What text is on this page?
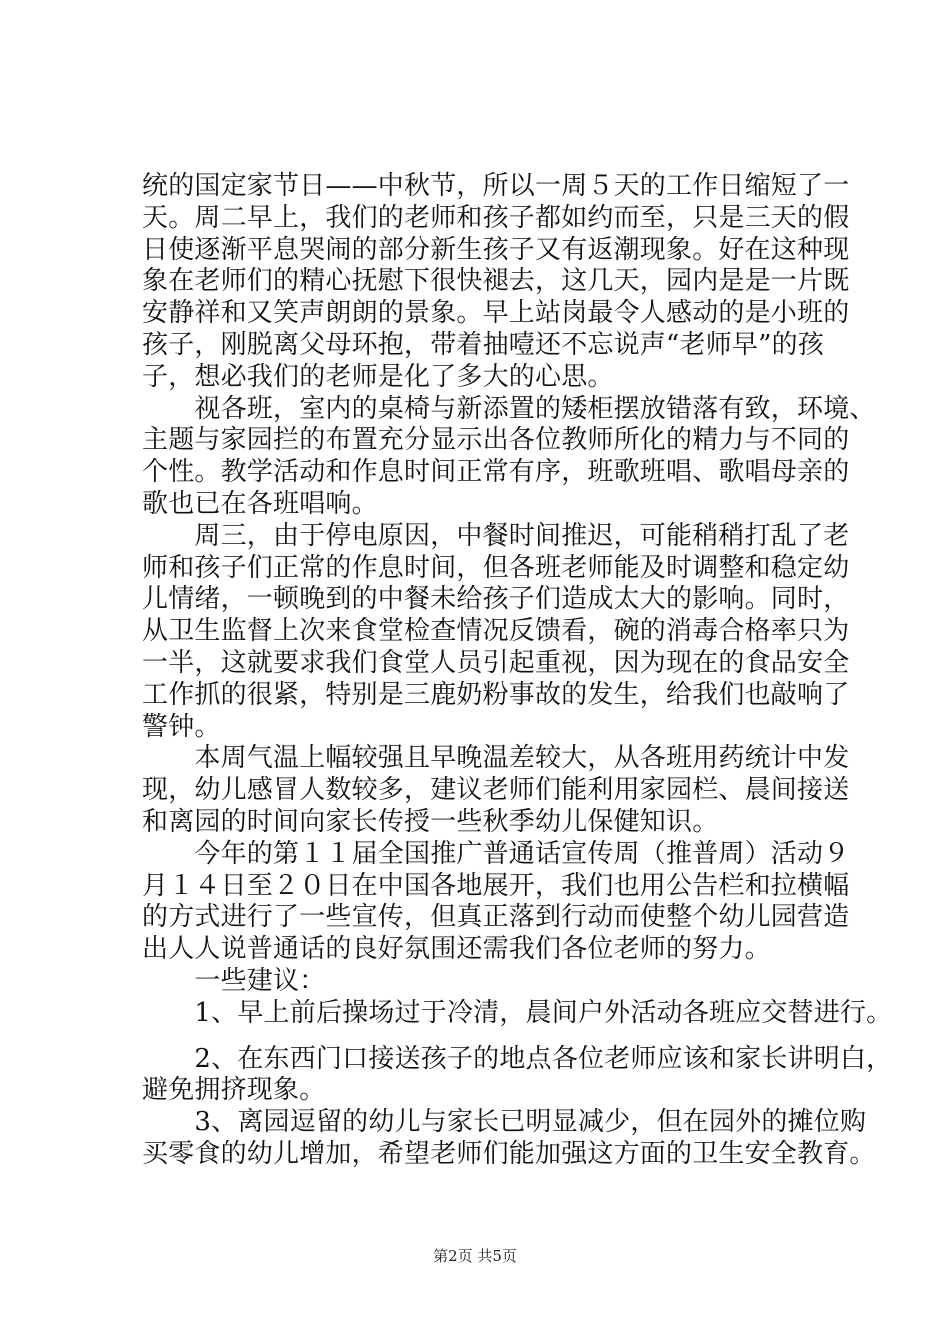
统的国定家节日——中秋节，所以一周５天的工作日缩短了一
天。周二早上，我们的老师和孩子都如约而至，只是三天的假
日使逐渐平息哭闹的部分新生孩子又有返潮现象。好在这种现
象在老师们的精心抚慰下很快褪去，这几天，园内是是一片既
安静祥和又笑声朗朗的景象。早上站岗最令人感动的是小班的
孩子，刚脱离父母环抱，带着抽噎还不忘说声“老师早”的孩
子，想必我们的老师是化了多大的心思。
　　视各班，室内的桌椅与新添置的矮柜摆放错落有致，环境、
主题与家园拦的布置充分显示出各位教师所化的精力与不同的
个性。教学活动和作息时间正常有序，班歌班唱、歌唱母亲的
歌也已在各班唱响。
　　周三，由于停电原因，中餐时间推迟，可能稍稍打乱了老
师和孩子们正常的作息时间，但各班老师能及时调整和稳定幼
儿情绪，一顿晚到的中餐未给孩子们造成太大的影响。同时，
从卫生监督上次来食堂检查情况反馈看，碗的消毒合格率只为
一半，这就要求我们食堂人员引起重视，因为现在的食品安全
工作抓的很紧，特别是三鹿奶粉事故的发生，给我们也敲响了
警钟。
　　本周气温上幅较强且早晚温差较大，从各班用药统计中发
现，幼儿感冒人数较多，建议老师们能利用家园栏、晨间接送
和离园的时间向家长传授一些秋季幼儿保健知识。
　　今年的第１１届全国推广普通话宣传周（推普周）活动９
月１４日至２０日在中国各地展开，我们也用公告栏和拉横幅
的方式进行了一些宣传，但真正落到行动而使整个幼儿园营造
出人人说普通话的良好氛围还需我们各位老师的努力。
　　一些建议：
　　1、早上前后操场过于冷清，晨间户外活动各班应交替进行。
　　2、在东西门口接送孩子的地点各位老师应该和家长讲明白，
避免拥挤现象。
　　3、离园逗留的幼儿与家长已明显减少，但在园外的摊位购
买零食的幼儿增加，希望老师们能加强这方面的卫生安全教育。
第2页 共5页
